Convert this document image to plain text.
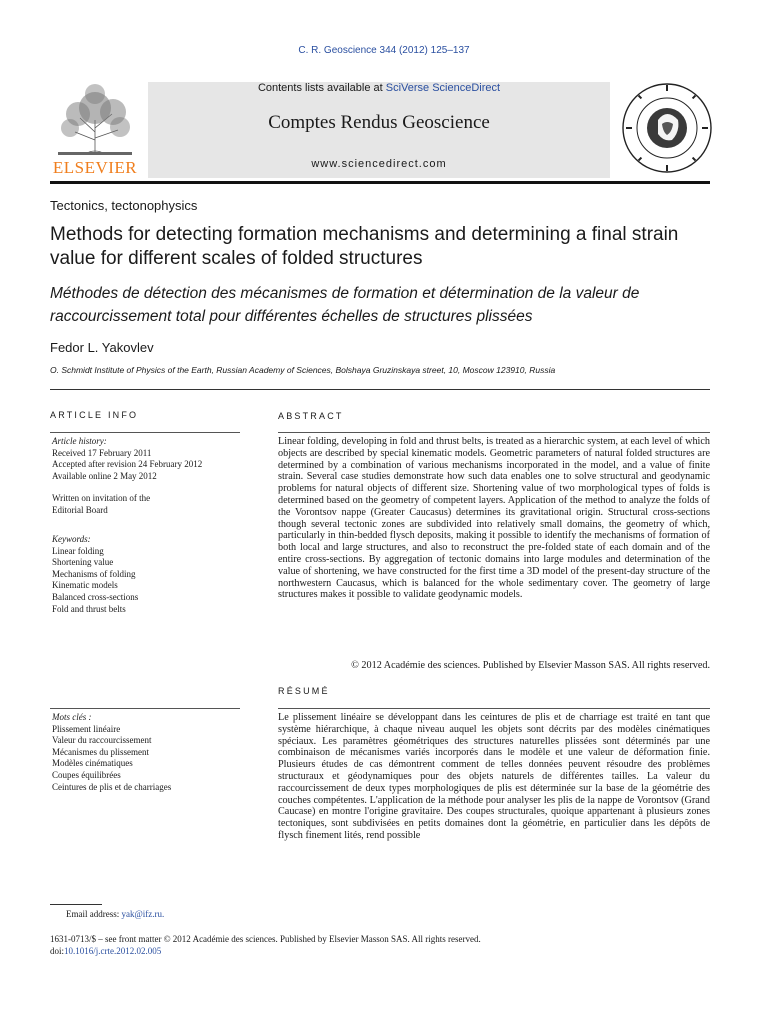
C. R. Geoscience 344 (2012) 125–137
ELSEVIER
Contents lists available at SciVerse ScienceDirect
Comptes Rendus Geoscience
www.sciencedirect.com
Tectonics, tectonophysics
Methods for detecting formation mechanisms and determining a final strain value for different scales of folded structures
Méthodes de détection des mécanismes de formation et détermination de la valeur de raccourcissement total pour différentes échelles de structures plissées
Fedor L. Yakovlev
O. Schmidt Institute of Physics of the Earth, Russian Academy of Sciences, Bolshaya Gruzinskaya street, 10, Moscow 123910, Russia
ARTICLE INFO
Article history:
Received 17 February 2011
Accepted after revision 24 February 2012
Available online 2 May 2012
Written on invitation of the
Editorial Board
Keywords:
Linear folding
Shortening value
Mechanisms of folding
Kinematic models
Balanced cross-sections
Fold and thrust belts
Mots clés :
Plissement linéaire
Valeur du raccourcissement
Mécanismes du plissement
Modèles cinématiques
Coupes équilibrées
Ceintures de plis et de charriages
ABSTRACT
Linear folding, developing in fold and thrust belts, is treated as a hierarchic system, at each level of which objects are described by special kinematic models. Geometric parameters of natural folded structures are determined by a combination of various mechanisms incorporated in the model, and a value of finite strain. Several case studies demonstrate how such data enables one to solve structural and geodynamic problems for natural objects of different size. Shortening value of two morphological types of folds is determined based on the geometry of competent layers. Application of the method to analyze the folds of the Vorontsov nappe (Greater Caucasus) determines its gravitational origin. Structural cross-sections though several tectonic zones are subdivided into relatively small domains, the geometry of which, particularly in thin-bedded flysch deposits, making it possible to identify the mechanisms of formation of both local and large structures, and also to reconstruct the pre-folded state of each domain and of the entire cross-sections. By aggregation of tectonic domains into large modules and determination of the value of shortening, we have constructed for the first time a 3D model of the present-day structure of the northwestern Caucasus, which is balanced for the whole sedimentary cover. The geometry of large structures makes it possible to validate geodynamic models.
© 2012 Académie des sciences. Published by Elsevier Masson SAS. All rights reserved.
RÉSUMÉ
Le plissement linéaire se développant dans les ceintures de plis et de charriage est traité en tant que système hiérarchique, à chaque niveau auquel les objets sont décrits par des modèles cinématiques spéciaux. Les paramètres géométriques des structures naturelles plissées sont déterminés par une combinaison de mécanismes variés incorporés dans le modèle et une valeur de déformation finie. Plusieurs études de cas démontrent comment de telles données peuvent résoudre des problèmes structuraux et géodynamiques pour des objets naturels de différentes tailles. La valeur du raccourcissement de deux types morphologiques de plis est déterminée sur la base de la géométrie des couches compétentes. L'application de la méthode pour analyser les plis de la nappe de Vorontsov (Grand Caucase) en montre l'origine gravitaire. Des coupes structurales, quoique appartenant à plusieurs zones tectoniques, sont subdivisées en petits domaines dont la géométrie, en particulier dans les dépôts de flysch finement lités, rend possible
Email address: yak@ifz.ru.
1631-0713/$ – see front matter © 2012 Académie des sciences. Published by Elsevier Masson SAS. All rights reserved.
doi:10.1016/j.crte.2012.02.005
